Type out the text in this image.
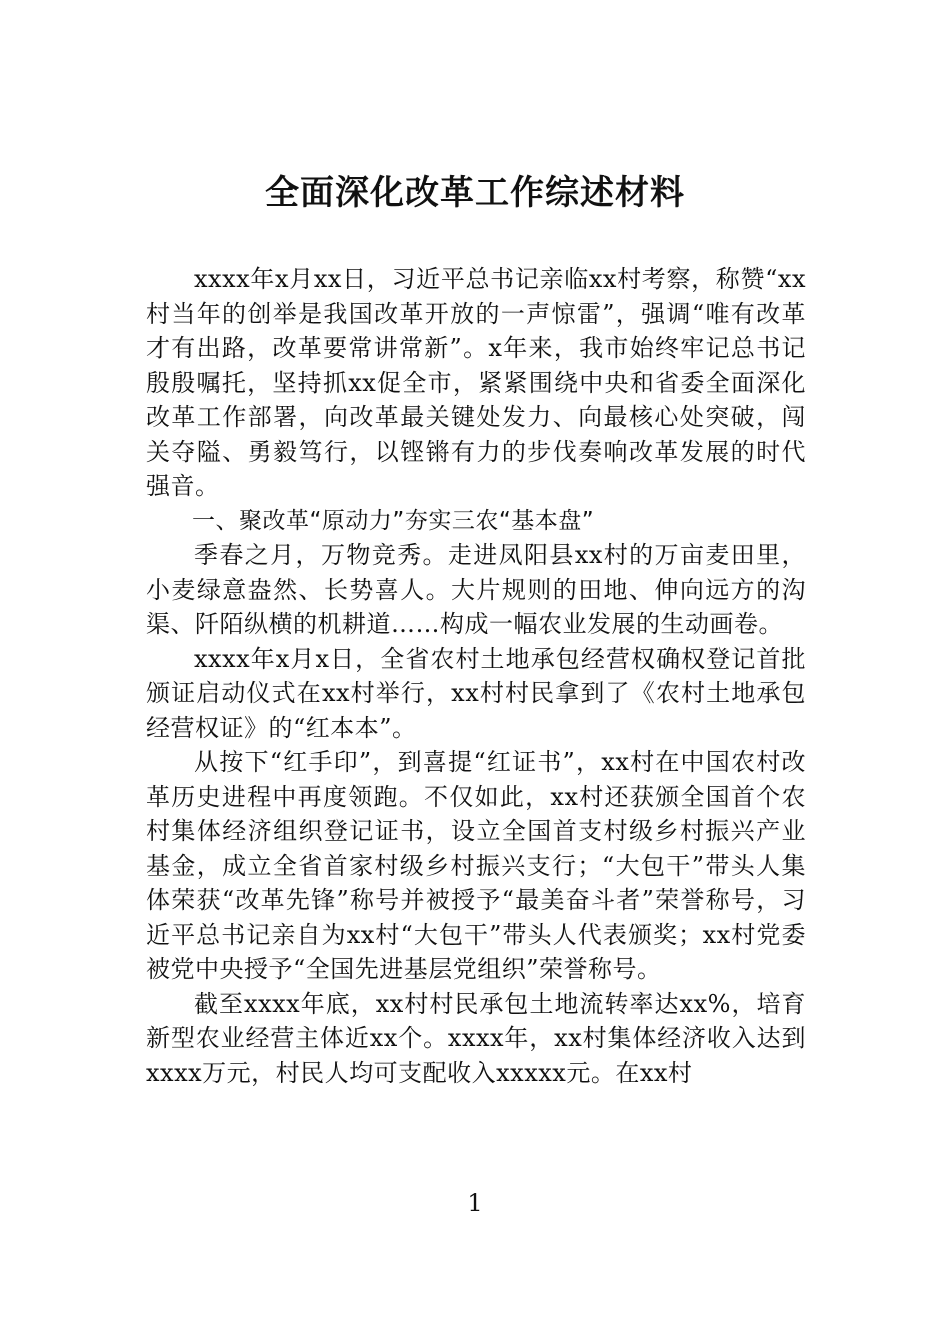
全面深化改革工作综述材料

xxxx年x月xx日，习近平总书记亲临xx村考察，称赞“xx村当年的创举是我国改革开放的一声惊雷”，强调“唯有改革才有出路，改革要常讲常新”。x年来，我市始终牢记总书记殷殷嘱托，坚持抓xx促全市，紧紧围绕中央和省委全面深化改革工作部署，向改革最关键处发力、向最核心处突破，闯关夺隘、勇毅笃行，以铿锵有力的步伐奏响改革发展的时代强音。

一、聚改革“原动力”夯实三农“基本盘”

季春之月，万物竞秀。走进凤阳县xx村的万亩麦田里，小麦绿意盎然、长势喜人。大片规则的田地、伸向远方的沟渠、阡陌纵横的机耕道……构成一幅农业发展的生动画卷。

xxxx年x月x日，全省农村土地承包经营权确权登记首批颁证启动仪式在xx村举行，xx村村民拿到了《农村土地承包经营权证》的“红本本”。

从按下“红手印”，到喜提“红证书”，xx村在中国农村改革历史进程中再度领跑。不仅如此，xx村还获颁全国首个农村集体经济组织登记证书，设立全国首支村级乡村振兴产业基金，成立全省首家村级乡村振兴支行；“大包干”带头人集体荣获“改革先锋”称号并被授予“最美奋斗者”荣誉称号，习近平总书记亲自为xx村“大包干”带头人代表颁奖；xx村党委被党中央授予“全国先进基层党组织”荣誉称号。

截至xxxx年底，xx村村民承包土地流转率达xx%，培育新型农业经营主体近xx个。xxxx年，xx村集体经济收入达到xxxx万元，村民人均可支配收入xxxxx元。在xx村

1
